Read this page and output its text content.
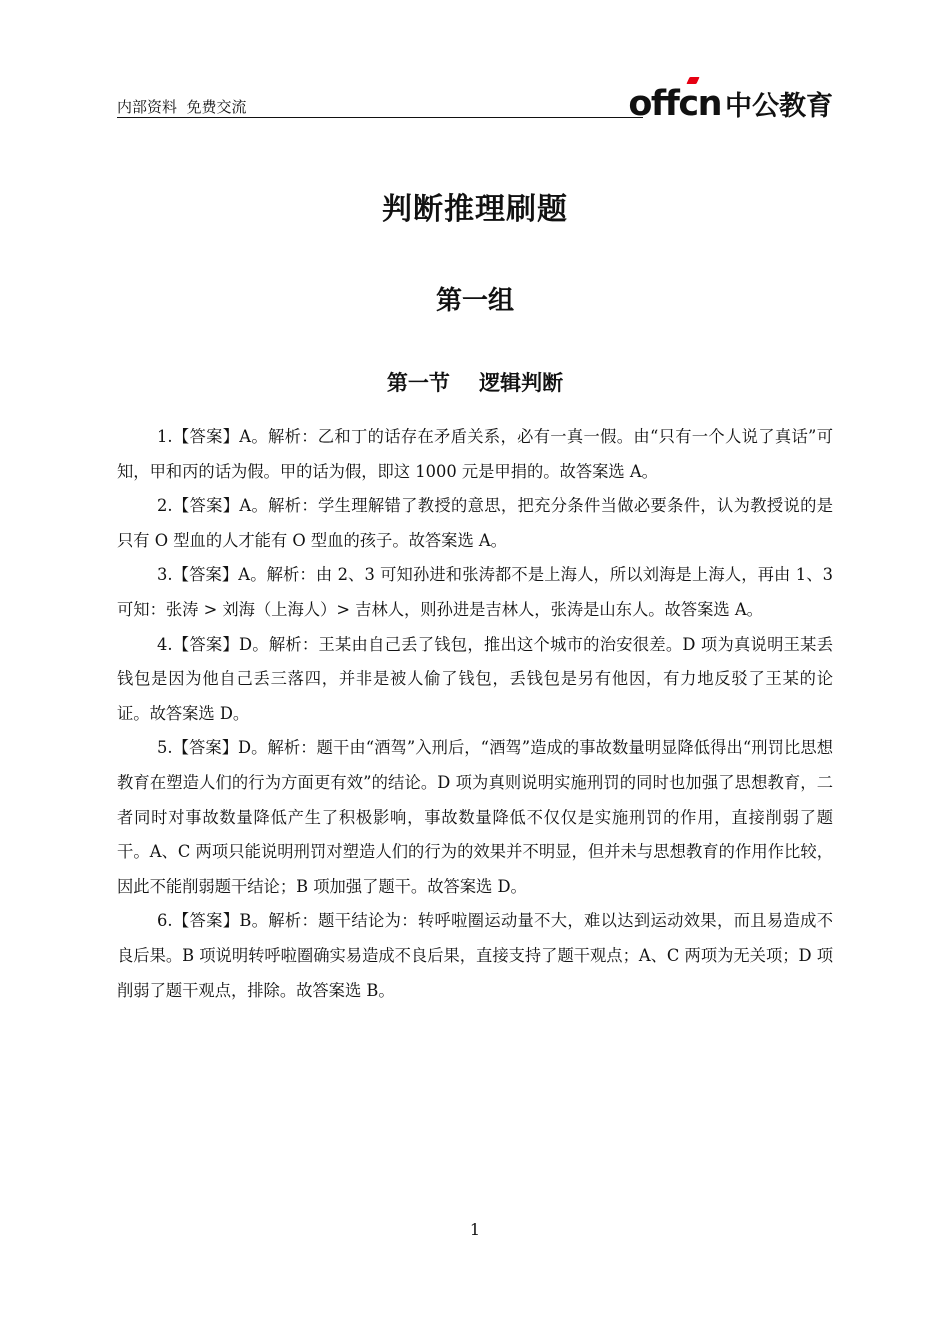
内部资料  免费交流	offcn 中公教育
判断推理刷题
第一组
第一节    逻辑判断

1.【答案】A。解析：乙和丁的话存在矛盾关系，必有一真一假。由“只有一个人说了真话”可知，甲和丙的话为假。甲的话为假，即这 1000 元是甲捐的。故答案选 A。

2.【答案】A。解析：学生理解错了教授的意思，把充分条件当做必要条件，认为教授说的是只有 O 型血的人才能有 O 型血的孩子。故答案选 A。

3.【答案】A。解析：由 2、3 可知孙进和张涛都不是上海人，所以刘海是上海人，再由 1、3 可知：张涛 > 刘海（上海人）> 吉林人，则孙进是吉林人，张涛是山东人。故答案选 A。

4.【答案】D。解析：王某由自己丢了钱包，推出这个城市的治安很差。D 项为真说明王某丢钱包是因为他自己丢三落四，并非是被人偷了钱包，丢钱包是另有他因，有力地反驳了王某的论证。故答案选 D。

5.【答案】D。解析：题干由“酒驾”入刑后，“酒驾”造成的事故数量明显降低得出“刑罚比思想教育在塑造人们的行为方面更有效”的结论。D 项为真则说明实施刑罚的同时也加强了思想教育，二者同时对事故数量降低产生了积极影响，事故数量降低不仅仅是实施刑罚的作用，直接削弱了题干。A、C 两项只能说明刑罚对塑造人们的行为的效果并不明显，但并未与思想教育的作用作比较，因此不能削弱题干结论；B 项加强了题干。故答案选 D。

6.【答案】B。解析：题干结论为：转呼啦圈运动量不大，难以达到运动效果，而且易造成不良后果。B 项说明转呼啦圈确实易造成不良后果，直接支持了题干观点；A、C 两项为无关项；D 项削弱了题干观点，排除。故答案选 B。

1
